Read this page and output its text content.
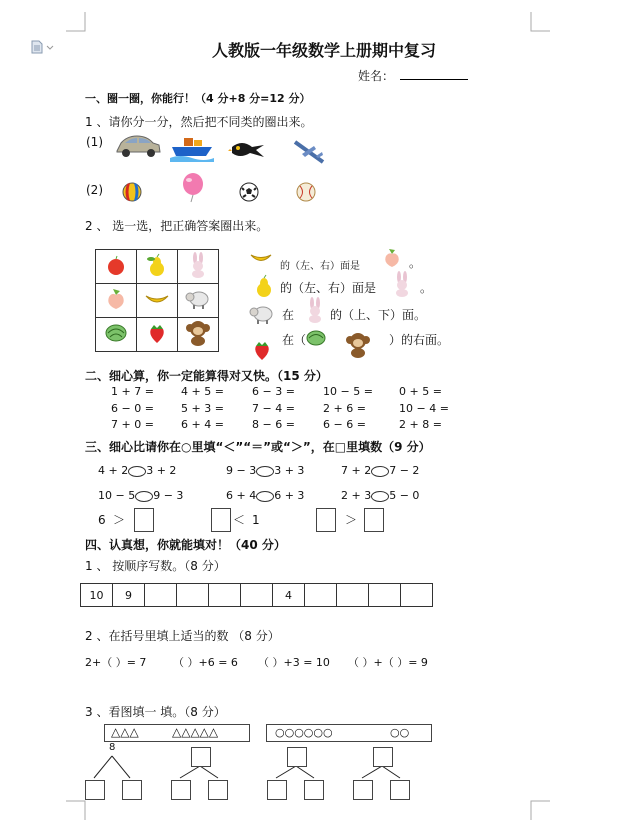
人教版一年级数学上册期中复习
姓名：
一、圈一圈，你能行！（4 分+8 分=12 分）
1 、请你分一分，然后把不同类的圈出来。
(1)
(2)
2 、 选一选，把正确答案圈出来。

的（左、右）面是	。
的（左、右）面是	。
在	的（上、下）面。
在（	）的右面。
二、细心算，你一定能算得对又快。（15 分）
1 + 7 = 4 + 5 =	6 − 3 =	10 − 5 = 0 + 5 =
6 − 0 = 5 + 3 =	7 − 4 =	2 + 6 =	10 − 4 =
7 + 0 = 6 + 4 =	8 − 6 =	6 − 6 =	2 + 8 =
三、细心比请你在○里填“＜”“＝”或“＞”，在□里填数（9 分）
4 + 2 3 + 2	9 − 3 3 + 3	7 + 2 7 − 2
10 − 5 9 − 3	6 + 4 6 + 3	2 + 3 5 − 0
6 ＞	＜ 1	＞
四、认真想，你就能填对！（40 分）
1 、 按顺序写数。（8 分）
10	9					4				
2 、在括号里填上适当的数 （8 分）
2+（ ）= 7 （ ）+6 = 6 （ ）+3 = 10 （ ）+（ ）= 9
3 、看图填一 填。（8 分）
△△△	△△△△△	○○○○○○	○○
8
